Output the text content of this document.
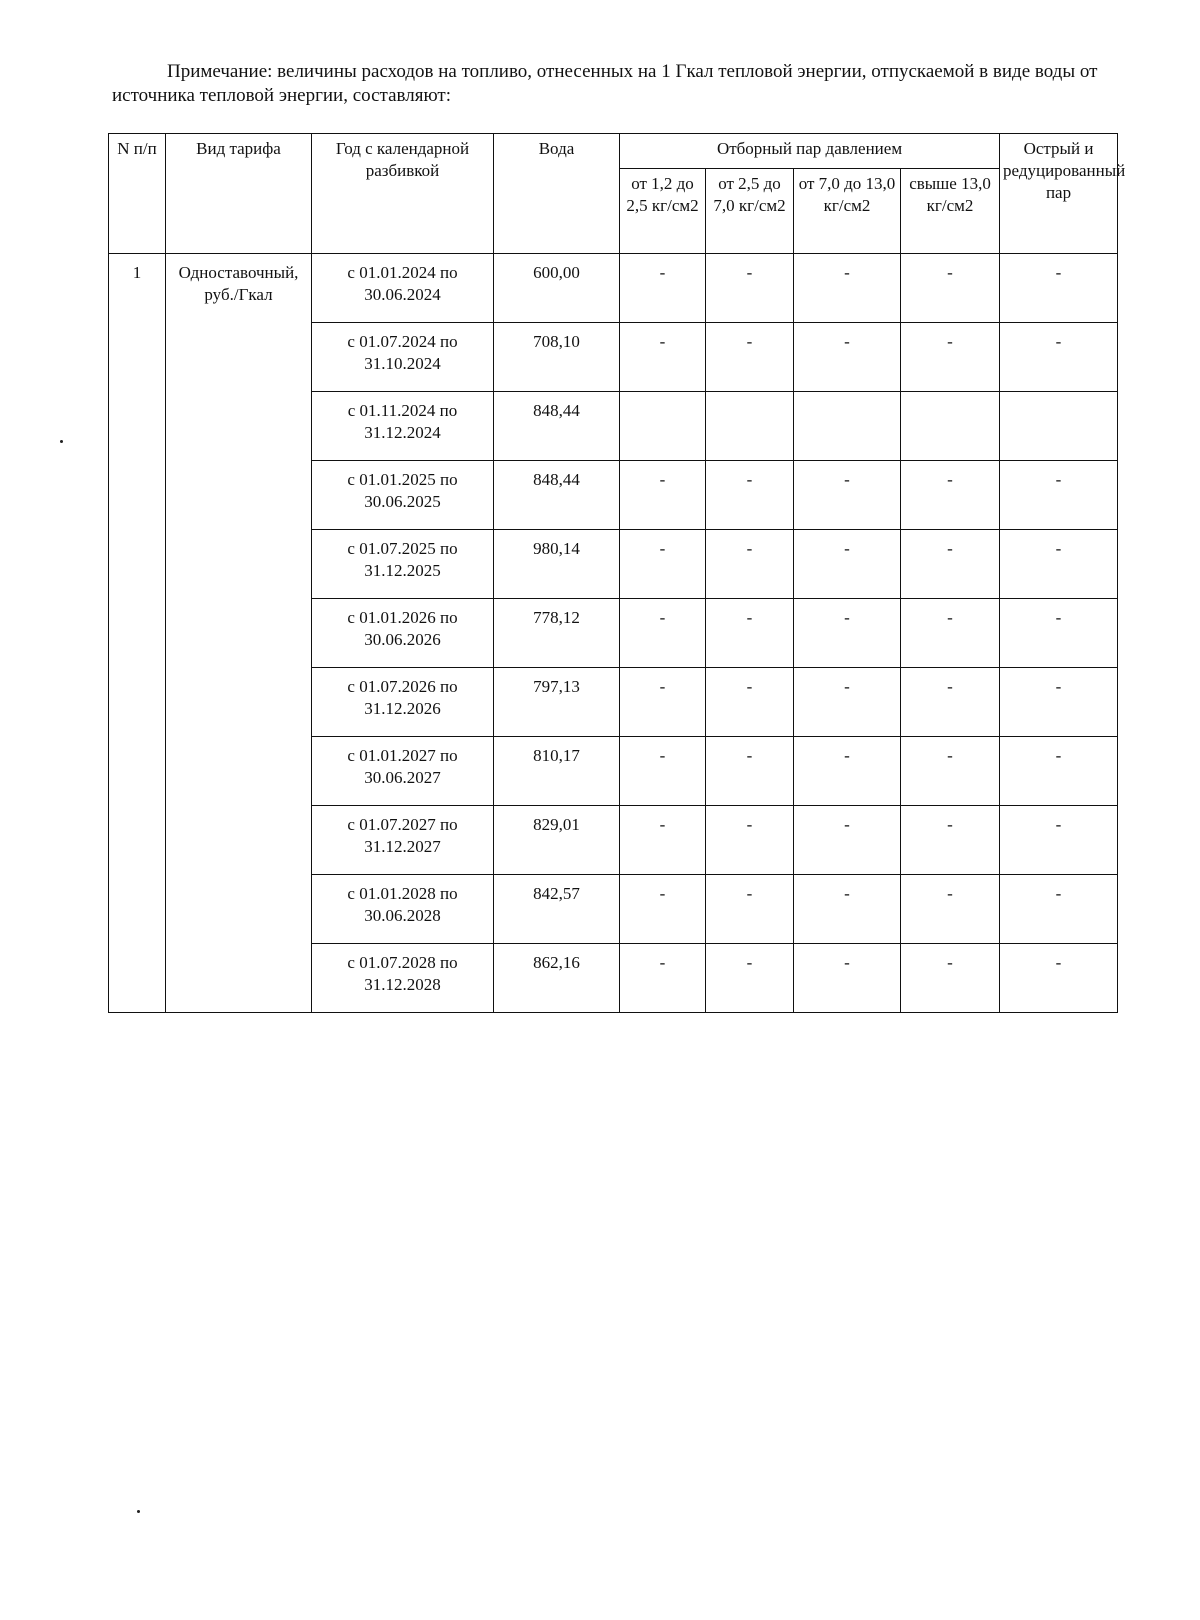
Примечание: величины расходов на топливо, отнесенных на 1 Гкал тепловой энергии, отпускаемой в виде воды от источника тепловой энергии, составляют:

N п/п	Вид тарифа	Год с календарной разбивкой	Вода	Отборный пар давлением				Острый и редуцированный пар
				от 1,2 до 2,5 кг/см2	от 2,5 до 7,0 кг/см2	от 7,0 до 13,0 кг/см2	свыше 13,0 кг/см2	
1	Одноставочный, руб./Гкал	с 01.01.2024 по 30.06.2024	600,00	-	-	-	-	-
		с 01.07.2024 по 31.10.2024	708,10	-	-	-	-	-
		с 01.11.2024 по 31.12.2024	848,44					
		с 01.01.2025 по 30.06.2025	848,44	-	-	-	-	-
		с 01.07.2025 по 31.12.2025	980,14	-	-	-	-	-
		с 01.01.2026 по 30.06.2026	778,12	-	-	-	-	-
		с 01.07.2026 по 31.12.2026	797,13	-	-	-	-	-
		с 01.01.2027 по 30.06.2027	810,17	-	-	-	-	-
		с 01.07.2027 по 31.12.2027	829,01	-	-	-	-	-
		с 01.01.2028 по 30.06.2028	842,57	-	-	-	-	-
		с 01.07.2028 по 31.12.2028	862,16	-	-	-	-	-
